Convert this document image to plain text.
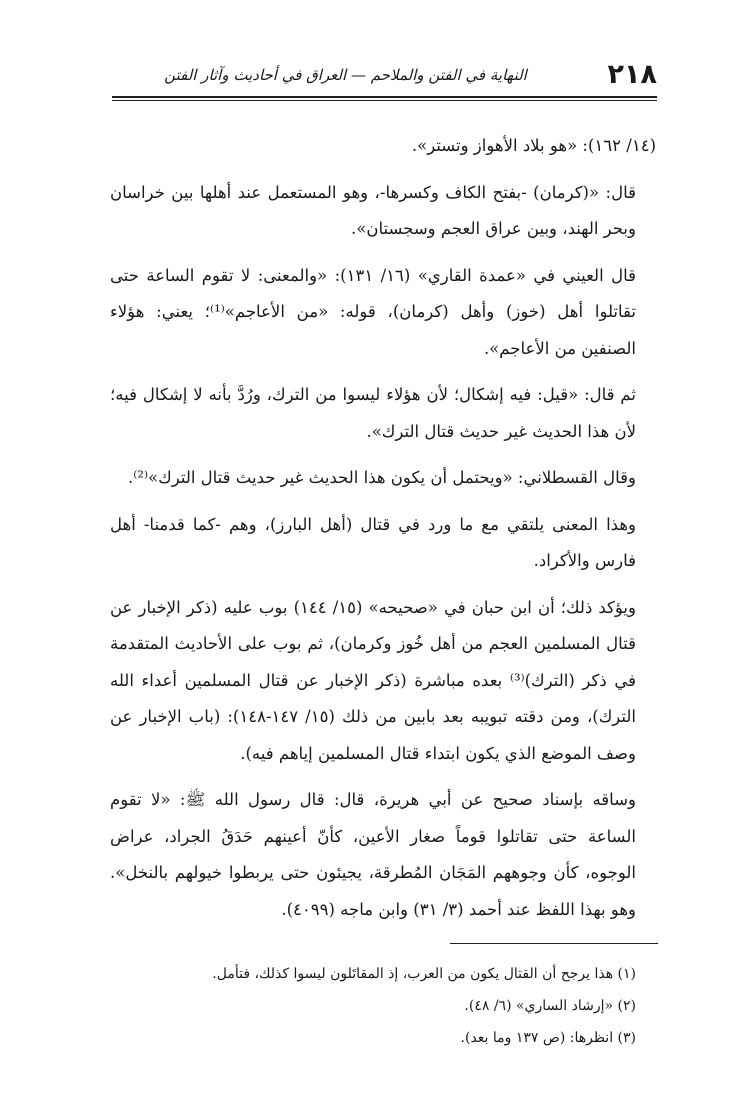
٢١٨
النهاية في الفتن والملاحم — العراق في أحاديث وآثار الفتن

(١٤/ ١٦٢): «هو بلاد الأهواز وتستر».

قال: «(كرمان) -بفتح الكاف وكسرها-، وهو المستعمل عند أهلها بين خراسان وبحر الهند، وبين عراق العجم وسجستان».

قال العيني في «عمدة القاري» (١٦/ ١٣١): «والمعنى: لا تقوم الساعة حتى تقاتلوا أهل (خوز) وأهل (كرمان)، قوله: «من الأعاجم»⁽¹⁾؛ يعني: هؤلاء الصنفين من الأعاجم».

ثم قال: «قيل: فيه إشكال؛ لأن هؤلاء ليسوا من الترك، ورُدَّ بأنه لا إشكال فيه؛ لأن هذا الحديث غير حديث قتال الترك».

وقال القسطلاني: «ويحتمل أن يكون هذا الحديث غير حديث قتال الترك»⁽²⁾.

وهذا المعنى يلتقي مع ما ورد في قتال (أهل البارز)، وهم -كما قدمنا- أهل فارس والأكراد.

ويؤكد ذلك؛ أن ابن حبان في «صحيحه» (١٥/ ١٤٤) بوب عليه (ذكر الإخبار عن قتال المسلمين العجم من أهل خُوز وكرمان)، ثم بوب على الأحاديث المتقدمة في ذكر (الترك)⁽³⁾ بعده مباشرة (ذكر الإخبار عن قتال المسلمين أعداء الله الترك)، ومن دقته تبويبه بعد بابين من ذلك (١٥/ ١٤٧-١٤٨): (باب الإخبار عن وصف الموضع الذي يكون ابتداء قتال المسلمين إياهم فيه).

وساقه بإسناد صحيح عن أبي هريرة، قال: قال رسول الله ﷺ: «لا تقوم الساعة حتى تقاتلوا قوماً صغار الأعين، كأنّ أعينهم حَدَقُ الجراد، عراض الوجوه، كأن وجوههم المَجَان المُطرقة، يجيئون حتى يربطوا خيولهم بالنخل». وهو بهذا اللفظ عند أحمد (٣/ ٣١) وابن ماجه (٤٠٩٩).

(١) هذا يرجح أن القتال يكون من العرب، إذ المقاتَلون ليسوا كذلك، فتأمل.

(٢) «إرشاد الساري» (٦/ ٤٨).

(٣) انظرها: (ص ١٣٧ وما بعد).
